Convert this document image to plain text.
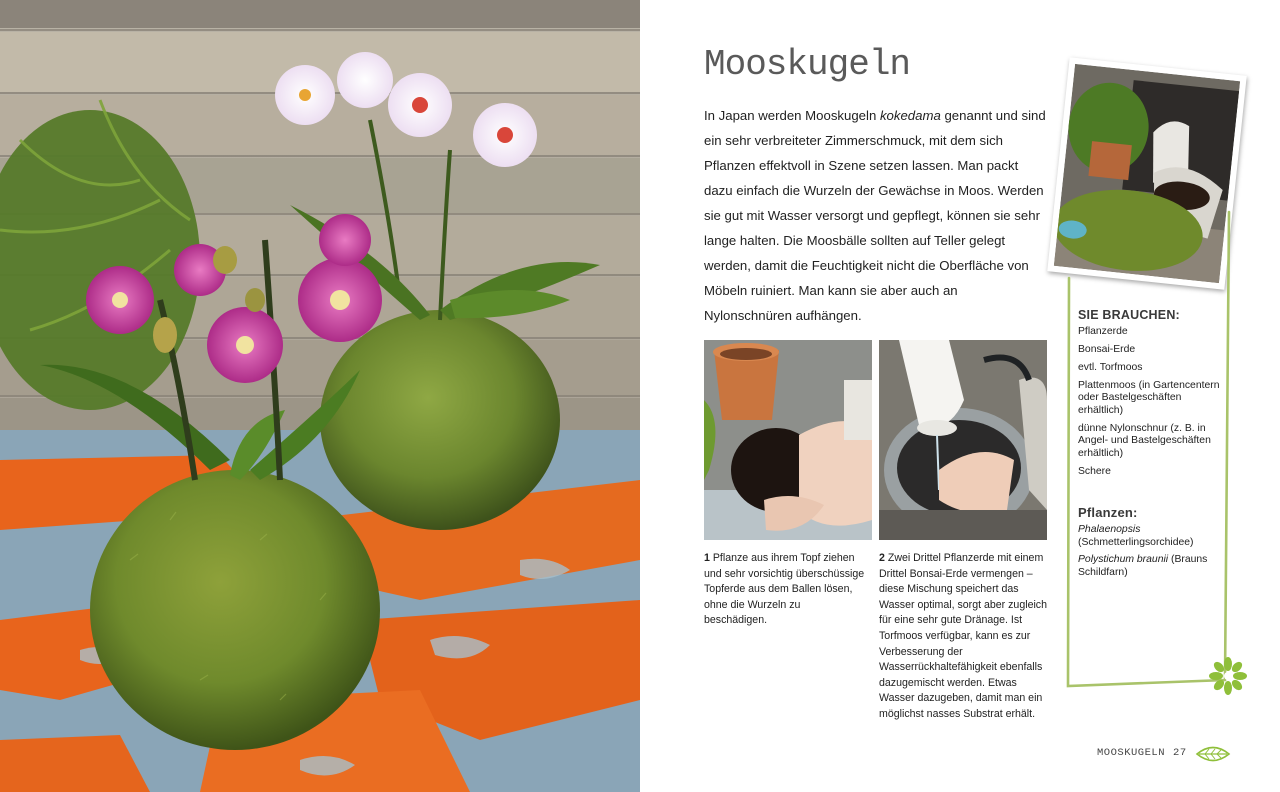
Mooskugeln

In Japan werden Mooskugeln kokedama genannt und sind ein sehr verbreiteter Zimmerschmuck, mit dem sich Pflanzen effektvoll in Szene setzen lassen. Man packt dazu einfach die Wurzeln der Gewächse in Moos. Werden sie gut mit Wasser versorgt und gepflegt, können sie sehr lange halten. Die Moosbälle sollten auf Teller gelegt werden, damit die Feuchtigkeit nicht die Oberfläche von Möbeln ruiniert. Man kann sie aber auch an Nylonschnüren aufhängen.

1 Pflanze aus ihrem Topf ziehen und sehr vorsichtig überschüssige Topferde aus dem Ballen lösen, ohne die Wurzeln zu beschädigen.

2 Zwei Drittel Pflanzerde mit einem Drittel Bonsai-Erde vermengen – diese Mischung speichert das Wasser optimal, sorgt aber zugleich für eine sehr gute Dränage. Ist Torfmoos verfügbar, kann es zur Verbesserung der Wasserrückhaltefähigkeit ebenfalls dazugemischt werden. Etwas Wasser dazugeben, damit man ein möglichst nasses Substrat erhält.

SIE BRAUCHEN:
Pflanzerde
Bonsai-Erde
evtl. Torfmoos
Plattenmoos (in Gartencentern oder Bastelgeschäften erhältlich)
dünne Nylonschnur (z. B. in Angel- und Bastelgeschäften erhältlich)
Schere
Pflanzen:
Phalaenopsis
(Schmetterlingsorchidee)
Polystichum braunii (Brauns Schildfarn)
MOOSKUGELN 27
